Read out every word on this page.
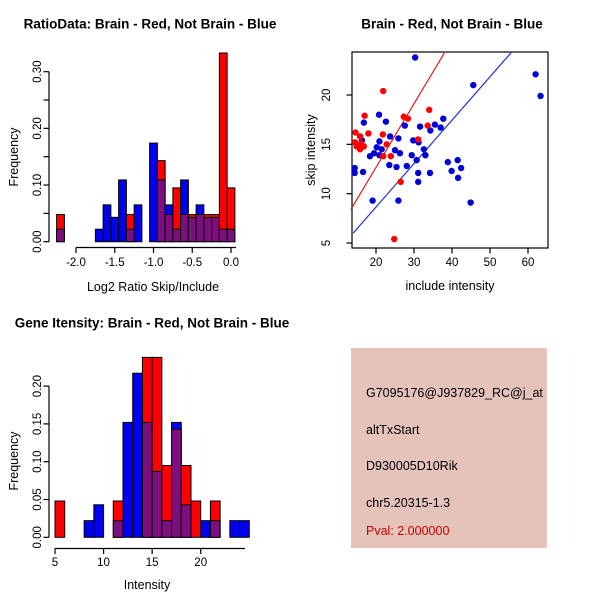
0.00
0.10
0.20
0.30
-2.0 -1.5 -1.0 -0.5 0.0	20 30 40 50 60
5
10
15
20
0.00
0.05
0.10
0.15
0.20
5	10	15	20
RatioData: Brain - Red, Not Brain - Blue	Brain - Red, Not Brain - Blue
Gene Itensity: Brain - Red, Not Brain - Blue
Log2 Ratio Skip/Include
Frequency
include intensity
skip intensity
Intensity
Frequency
G7095176@J937829_RC@j_at
altTxStart
D930005D10Rik
chr5.20315-1.3
Pval: 2.000000
